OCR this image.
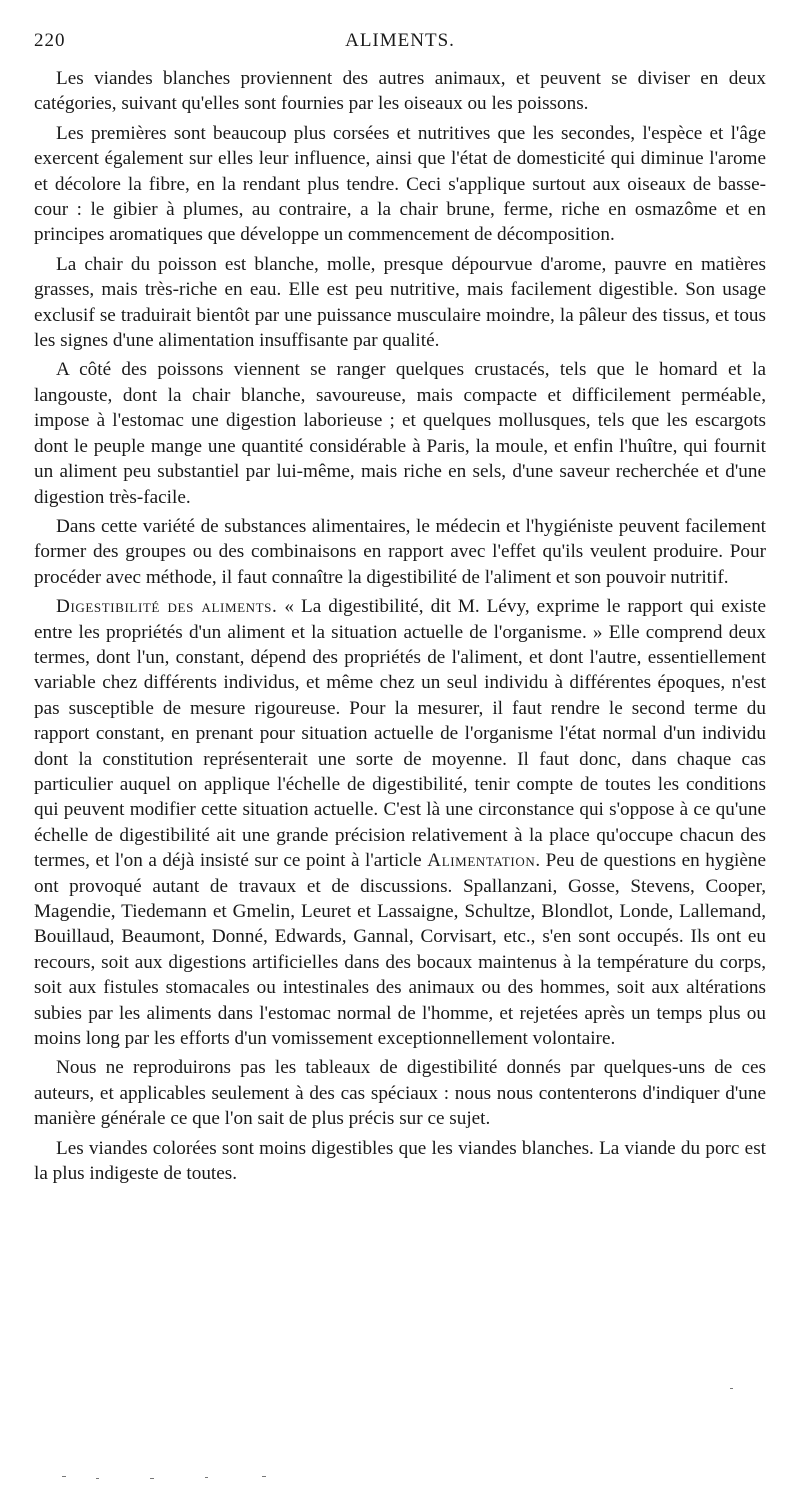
220	ALIMENTS.

Les viandes blanches proviennent des autres animaux, et peuvent se diviser en deux catégories, suivant qu'elles sont fournies par les oiseaux ou les poissons.

Les premières sont beaucoup plus corsées et nutritives que les secondes, l'espèce et l'âge exercent également sur elles leur influence, ainsi que l'état de domesticité qui diminue l'arome et décolore la fibre, en la rendant plus tendre. Ceci s'applique surtout aux oiseaux de basse-cour : le gibier à plumes, au contraire, a la chair brune, ferme, riche en osmazôme et en principes aromatiques que développe un commencement de décomposition.

La chair du poisson est blanche, molle, presque dépourvue d'arome, pauvre en matières grasses, mais très-riche en eau. Elle est peu nutritive, mais facilement digestible. Son usage exclusif se traduirait bientôt par une puissance musculaire moindre, la pâleur des tissus, et tous les signes d'une alimentation insuffisante par qualité.

A côté des poissons viennent se ranger quelques crustacés, tels que le homard et la langouste, dont la chair blanche, savoureuse, mais compacte et difficilement perméable, impose à l'estomac une digestion laborieuse ; et quelques mollusques, tels que les escargots dont le peuple mange une quantité considérable à Paris, la moule, et enfin l'huître, qui fournit un aliment peu substantiel par lui-même, mais riche en sels, d'une saveur recherchée et d'une digestion très-facile.

Dans cette variété de substances alimentaires, le médecin et l'hygiéniste peuvent facilement former des groupes ou des combinaisons en rapport avec l'effet qu'ils veulent produire. Pour procéder avec méthode, il faut connaître la digestibilité de l'aliment et son pouvoir nutritif.

Digestibilité des aliments. « La digestibilité, dit M. Lévy, exprime le rapport qui existe entre les propriétés d'un aliment et la situation actuelle de l'organisme. » Elle comprend deux termes, dont l'un, constant, dépend des propriétés de l'aliment, et dont l'autre, essentiellement variable chez différents individus, et même chez un seul individu à différentes époques, n'est pas susceptible de mesure rigoureuse. Pour la mesurer, il faut rendre le second terme du rapport constant, en prenant pour situation actuelle de l'organisme l'état normal d'un individu dont la constitution représenterait une sorte de moyenne. Il faut donc, dans chaque cas particulier auquel on applique l'échelle de digestibilité, tenir compte de toutes les conditions qui peuvent modifier cette situation actuelle. C'est là une circonstance qui s'oppose à ce qu'une échelle de digestibilité ait une grande précision relativement à la place qu'occupe chacun des termes, et l'on a déjà insisté sur ce point à l'article Alimentation. Peu de questions en hygiène ont provoqué autant de travaux et de discussions. Spallanzani, Gosse, Stevens, Cooper, Magendie, Tiedemann et Gmelin, Leuret et Lassaigne, Schultze, Blondlot, Londe, Lallemand, Bouillaud, Beaumont, Donné, Edwards, Gannal, Corvisart, etc., s'en sont occupés. Ils ont eu recours, soit aux digestions artificielles dans des bocaux maintenus à la température du corps, soit aux fistules stomacales ou intestinales des animaux ou des hommes, soit aux altérations subies par les aliments dans l'estomac normal de l'homme, et rejetées après un temps plus ou moins long par les efforts d'un vomissement exceptionnellement volontaire.

Nous ne reproduirons pas les tableaux de digestibilité donnés par quelques-uns de ces auteurs, et applicables seulement à des cas spéciaux : nous nous contenterons d'indiquer d'une manière générale ce que l'on sait de plus précis sur ce sujet.

Les viandes colorées sont moins digestibles que les viandes blanches. La viande du porc est la plus indigeste de toutes.
